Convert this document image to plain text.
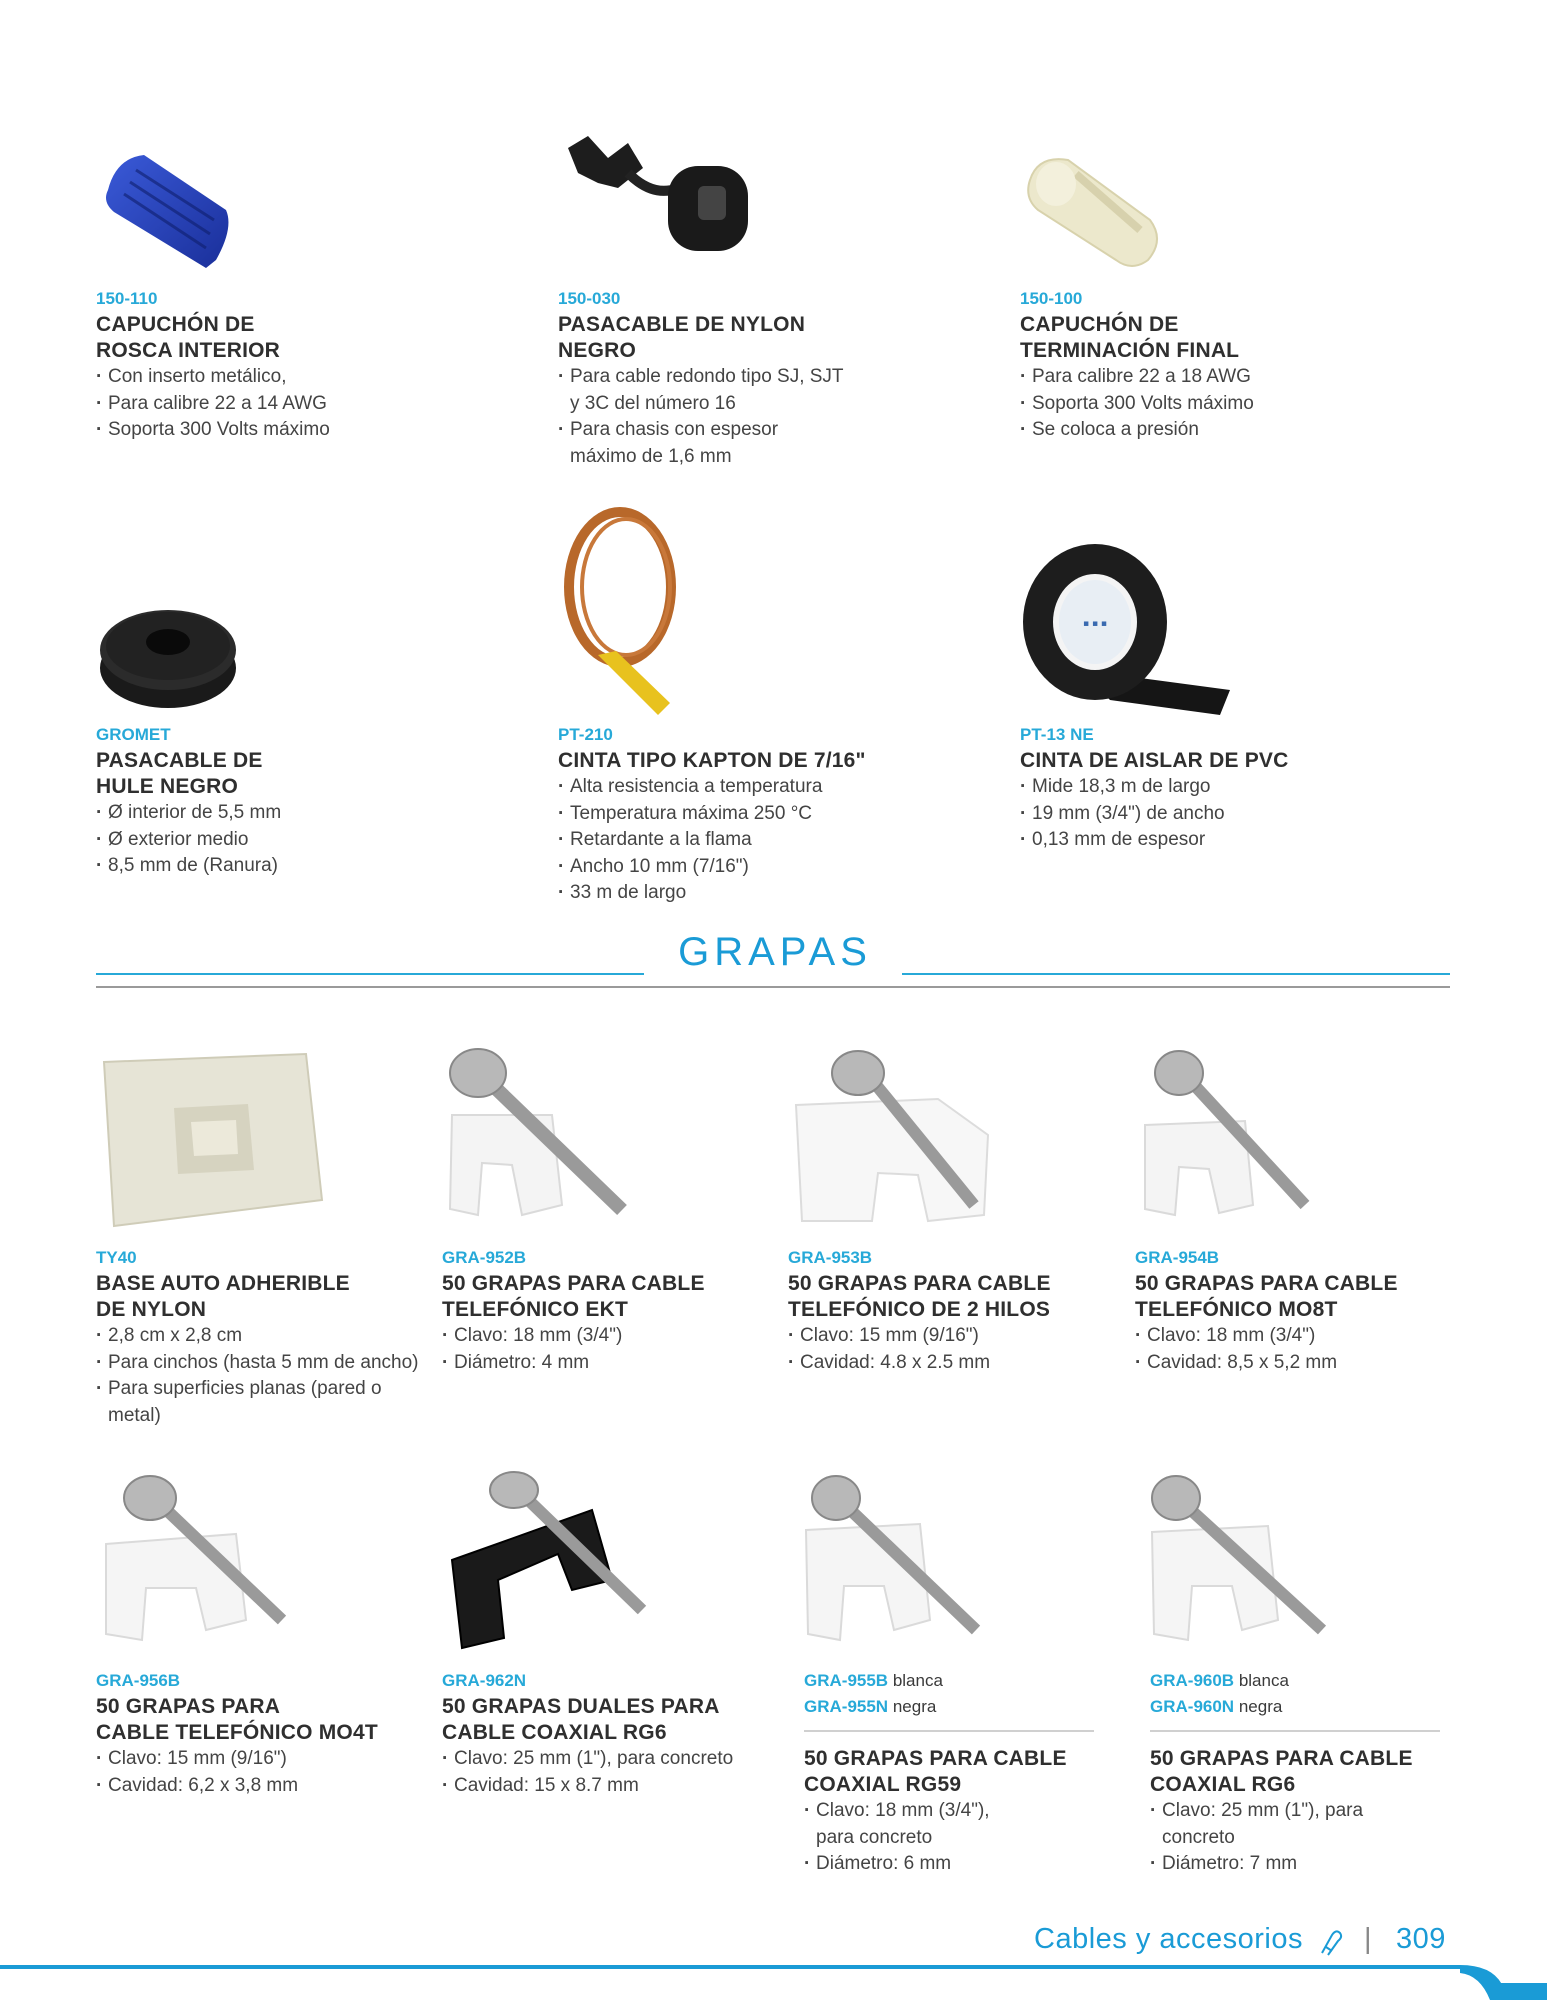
150-110
CAPUCHÓN DE
ROSCA INTERIOR
· Con inserto metálico,
· Para calibre 22 a 14 AWG
· Soporta 300 Volts máximo
150-030
PASACABLE DE NYLON
NEGRO
· Para cable redondo tipo SJ, SJT y 3C del número 16
· Para chasis con espesor máximo de 1,6 mm
150-100
CAPUCHÓN DE
TERMINACIÓN FINAL
· Para calibre 22 a 18 AWG
· Soporta 300 Volts máximo
· Se coloca a presión
GROMET
PASACABLE DE
HULE NEGRO
· Ø interior de 5,5 mm
· Ø exterior medio
· 8,5 mm de (Ranura)
PT-210
CINTA TIPO KAPTON DE 7/16"
· Alta resistencia a temperatura
· Temperatura máxima 250 °C
· Retardante a la flama
· Ancho 10 mm (7/16")
· 33 m de largo
▪ ▪ ▪
PT-13 NE
CINTA DE AISLAR DE PVC
· Mide 18,3 m de largo
· 19 mm (3/4") de ancho
· 0,13 mm de espesor
GRAPAS
TY40
BASE AUTO ADHERIBLE
DE NYLON
· 2,8 cm x 2,8 cm
· Para cinchos (hasta 5 mm de ancho)
· Para superficies planas (pared o metal)
GRA-952B
50 GRAPAS PARA CABLE
TELEFÓNICO EKT
· Clavo: 18 mm (3/4")
· Diámetro: 4 mm
GRA-953B
50 GRAPAS PARA CABLE
TELEFÓNICO DE 2 HILOS
· Clavo: 15 mm (9/16")
· Cavidad: 4.8 x 2.5 mm
GRA-954B
50 GRAPAS PARA CABLE
TELEFÓNICO MO8T
· Clavo: 18 mm (3/4")
· Cavidad: 8,5 x 5,2 mm
GRA-956B
50 GRAPAS PARA
CABLE TELEFÓNICO MO4T
· Clavo: 15 mm (9/16")
· Cavidad: 6,2 x 3,8 mm
GRA-962N
50 GRAPAS DUALES PARA
CABLE COAXIAL RG6
· Clavo: 25 mm (1"), para concreto
· Cavidad: 15 x 8.7 mm
GRA-955B blanca
GRA-955N negra
50 GRAPAS PARA CABLE
COAXIAL RG59
· Clavo: 18 mm (3/4"), para concreto
· Diámetro: 6 mm
GRA-960B blanca
GRA-960N negra
50 GRAPAS PARA CABLE
COAXIAL RG6
· Clavo: 25 mm (1"), para concreto
· Diámetro: 7 mm
Cables y accesorios | 309
